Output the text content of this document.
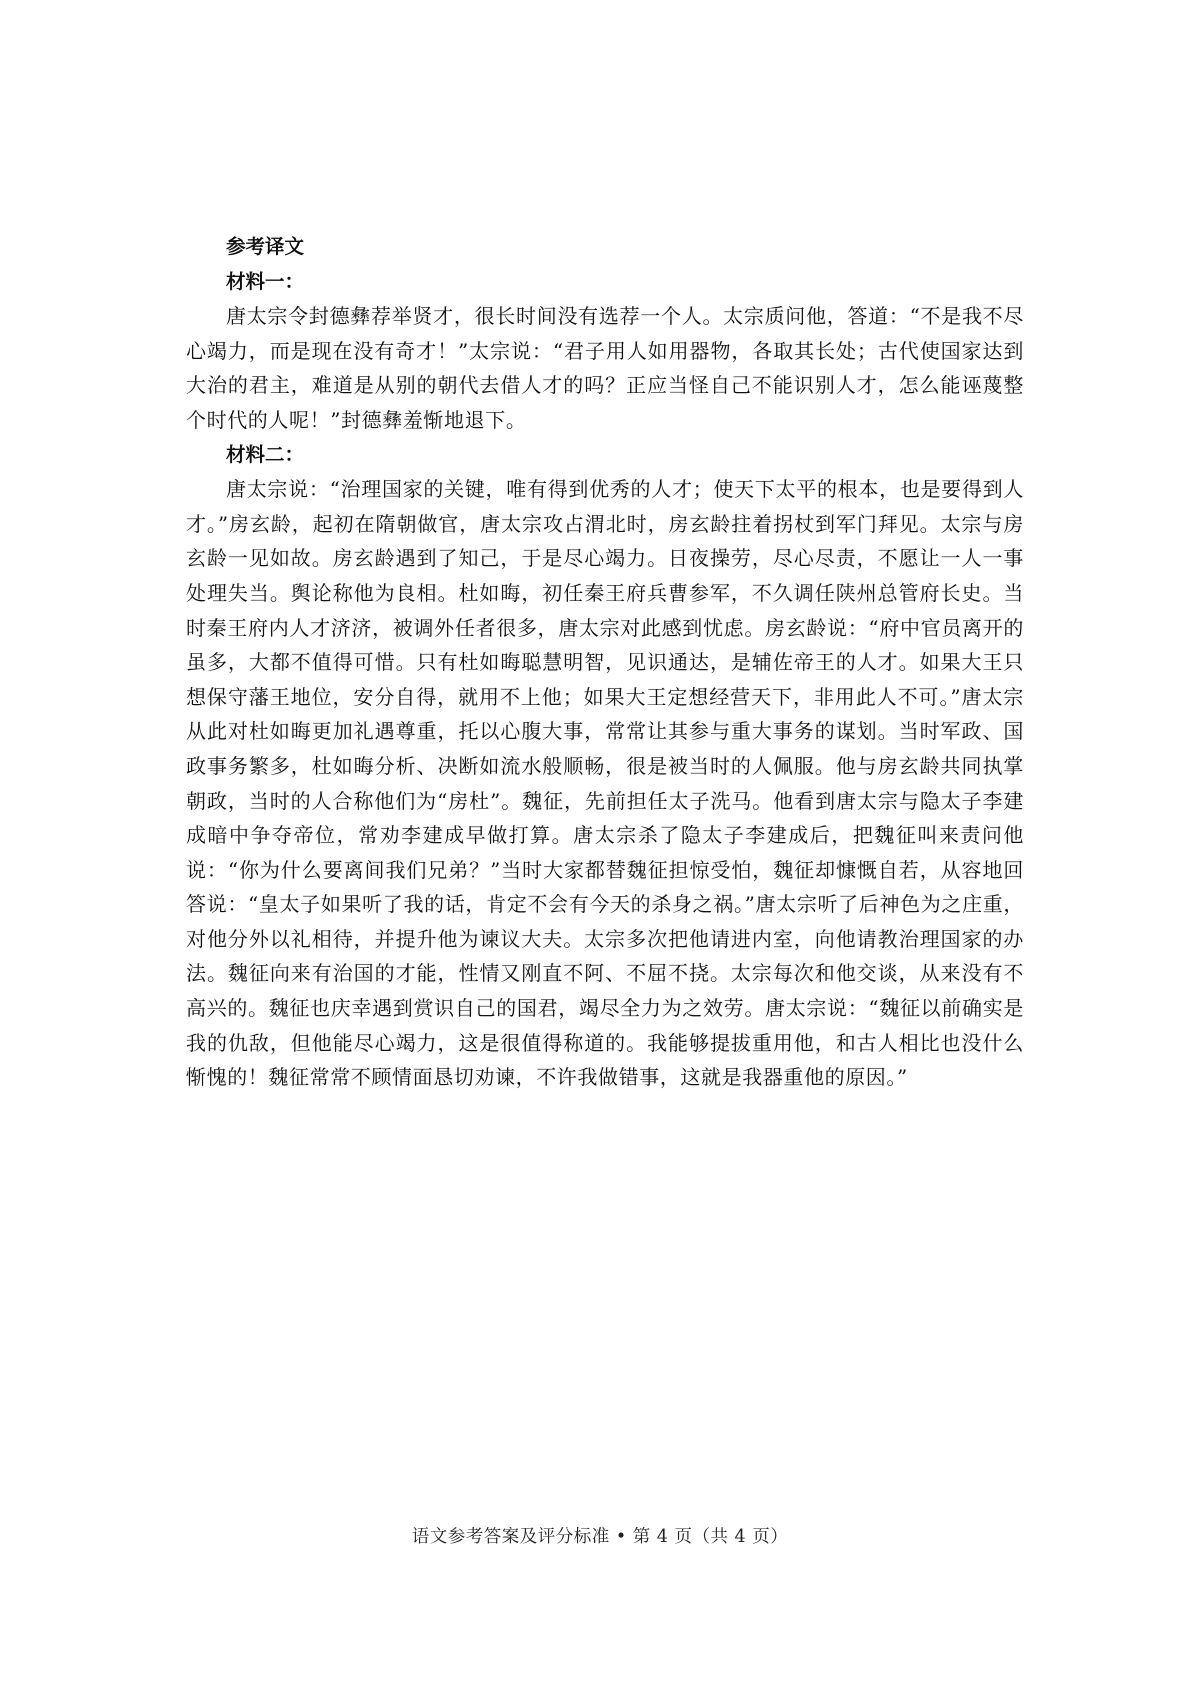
参考译文

材料一：

唐太宗令封德彝荐举贤才，很长时间没有选荐一个人。太宗质问他，答道：“不是我不尽心竭力，而是现在没有奇才！”太宗说：“君子用人如用器物，各取其长处；古代使国家达到大治的君主，难道是从别的朝代去借人才的吗？正应当怪自己不能识别人才，怎么能诬蔑整个时代的人呢！”封德彝羞惭地退下。

材料二：

唐太宗说：“治理国家的关键，唯有得到优秀的人才；使天下太平的根本，也是要得到人才。”房玄龄，起初在隋朝做官，唐太宗攻占渭北时，房玄龄拄着拐杖到军门拜见。太宗与房玄龄一见如故。房玄龄遇到了知己，于是尽心竭力。日夜操劳，尽心尽责，不愿让一人一事处理失当。舆论称他为良相。杜如晦，初任秦王府兵曹参军，不久调任陕州总管府长史。当时秦王府内人才济济，被调外任者很多，唐太宗对此感到忧虑。房玄龄说：“府中官员离开的虽多，大都不值得可惜。只有杜如晦聪慧明智，见识通达，是辅佐帝王的人才。如果大王只想保守藩王地位，安分自得，就用不上他；如果大王定想经营天下，非用此人不可。”唐太宗从此对杜如晦更加礼遇尊重，托以心腹大事，常常让其参与重大事务的谋划。当时军政、国政事务繁多，杜如晦分析、决断如流水般顺畅，很是被当时的人佩服。他与房玄龄共同执掌朝政，当时的人合称他们为“房杜”。魏征，先前担任太子洗马。他看到唐太宗与隐太子李建成暗中争夺帝位，常劝李建成早做打算。唐太宗杀了隐太子李建成后，把魏征叫来责问他说：“你为什么要离间我们兄弟？”当时大家都替魏征担惊受怕，魏征却慷慨自若，从容地回答说：“皇太子如果听了我的话，肯定不会有今天的杀身之祸。”唐太宗听了后神色为之庄重，对他分外以礼相待，并提升他为谏议大夫。太宗多次把他请进内室，向他请教治理国家的办法。魏征向来有治国的才能，性情又刚直不阿、不屈不挠。太宗每次和他交谈，从来没有不高兴的。魏征也庆幸遇到赏识自己的国君，竭尽全力为之效劳。唐太宗说：“魏征以前确实是我的仇敌，但他能尽心竭力，这是很值得称道的。我能够提拔重用他，和古人相比也没什么惭愧的！魏征常常不顾情面恳切劝谏，不许我做错事，这就是我器重他的原因。”

语文参考答案及评分标准 • 第 4 页（共 4 页）
